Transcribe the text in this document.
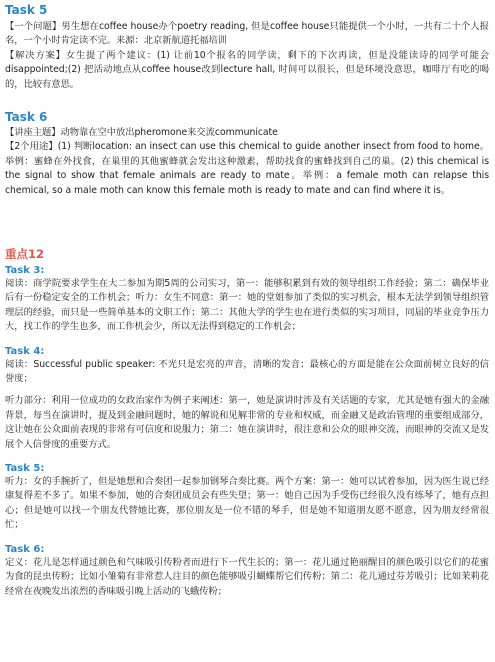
Task 5

【一个问题】男生想在coffee house办个poetry reading, 但是coffee house只能提供一个小时，一共有二十个人报名，一个小时肯定读不完。来源：北京新航道托福培训

【解决方案】女生提了两个建议：(1) 让前10个报名的同学读，剩下的下次再读，但是没能读诗的同学可能会disappointed;(2) 把活动地点从coffee house改到lecture hall, 时间可以很长，但是环境没意思，咖啡厅有吃的喝的，比较有意思。

Task 6

【讲座主题】动物靠在空中放出pheromone来交流communicate

【2个用途】(1) 判断location: an insect can use this chemical to guide another insect from food to home。举例：蜜蜂在外找食，在巢里的其他蜜蜂就会发出这种激素，帮助找食的蜜蜂找到自己的巢。(2) this chemical is the signal to show that female animals are ready to mate。举例：a female moth can relapse this chemical, so a male moth can know this female moth is ready to mate and can find where it is。

重点12
Task 3:

阅读：商学院要求学生在大二参加为期5周的公司实习，第一：能够积累到有效的领导组织工作经验；第二：确保毕业后有一份稳定安全的工作机会；听力：女生不同意：第一：她的堂姐参加了类似的实习机会，根本无法学到领导组织管理层的经验，而只是一些简单基本的文职工作；第二：其他大学的学生也在进行类似的实习项目，同届的毕业竞争压力大，找工作的学生也多，而工作机会少，所以无法得到稳定的工作机会；

Task 4:

阅读：Successful public speaker: 不光只是宏亮的声音，清晰的发音；最核心的方面是能在公众面前树立良好的信誉度；

听力部分：利用一位成功的女政治家作为例子来阐述：第一，她是演讲时涉及有关话题的专家，尤其是她有强大的金融背景，每当在演讲时，提及到金融问题时，她的解说和见解非常的专业和权威，而金融又是政治管理的重要组成部分，这让她在公众面前表现的非常有可信度和说服力；第二：她在演讲时，很注意和公众的眼神交流，而眼神的交流又是发展个人信誉度的重要方式。

Task 5:

听力：女的手腕折了，但是她想和合奏团一起参加钢琴合奏比赛。两个方案：第一：她可以试着参加，因为医生说已经康复得差不多了。如果不参加，她的合奏团成员会有些失望；第一：她自己因为手受伤已经很久没有练琴了，她有点担心；但是她可以找一个朋友代替她比赛，那位朋友是一位不错的琴手，但是她不知道朋友愿不愿意，因为朋友经常很忙；

Task 6:

定义：花儿是怎样通过颜色和气味吸引传粉者而进行下一代生长的；第一：花儿通过艳丽醒目的颜色吸引以它们的花蜜为食的昆虫传粉；比如小雏菊有非常惹人注目的颜色能够吸引蝴蝶帮它们传粉；第二：花儿通过芬芳吸引；比如茉莉花经常在夜晚发出浓烈的香味吸引晚上活动的飞蛾传粉；
